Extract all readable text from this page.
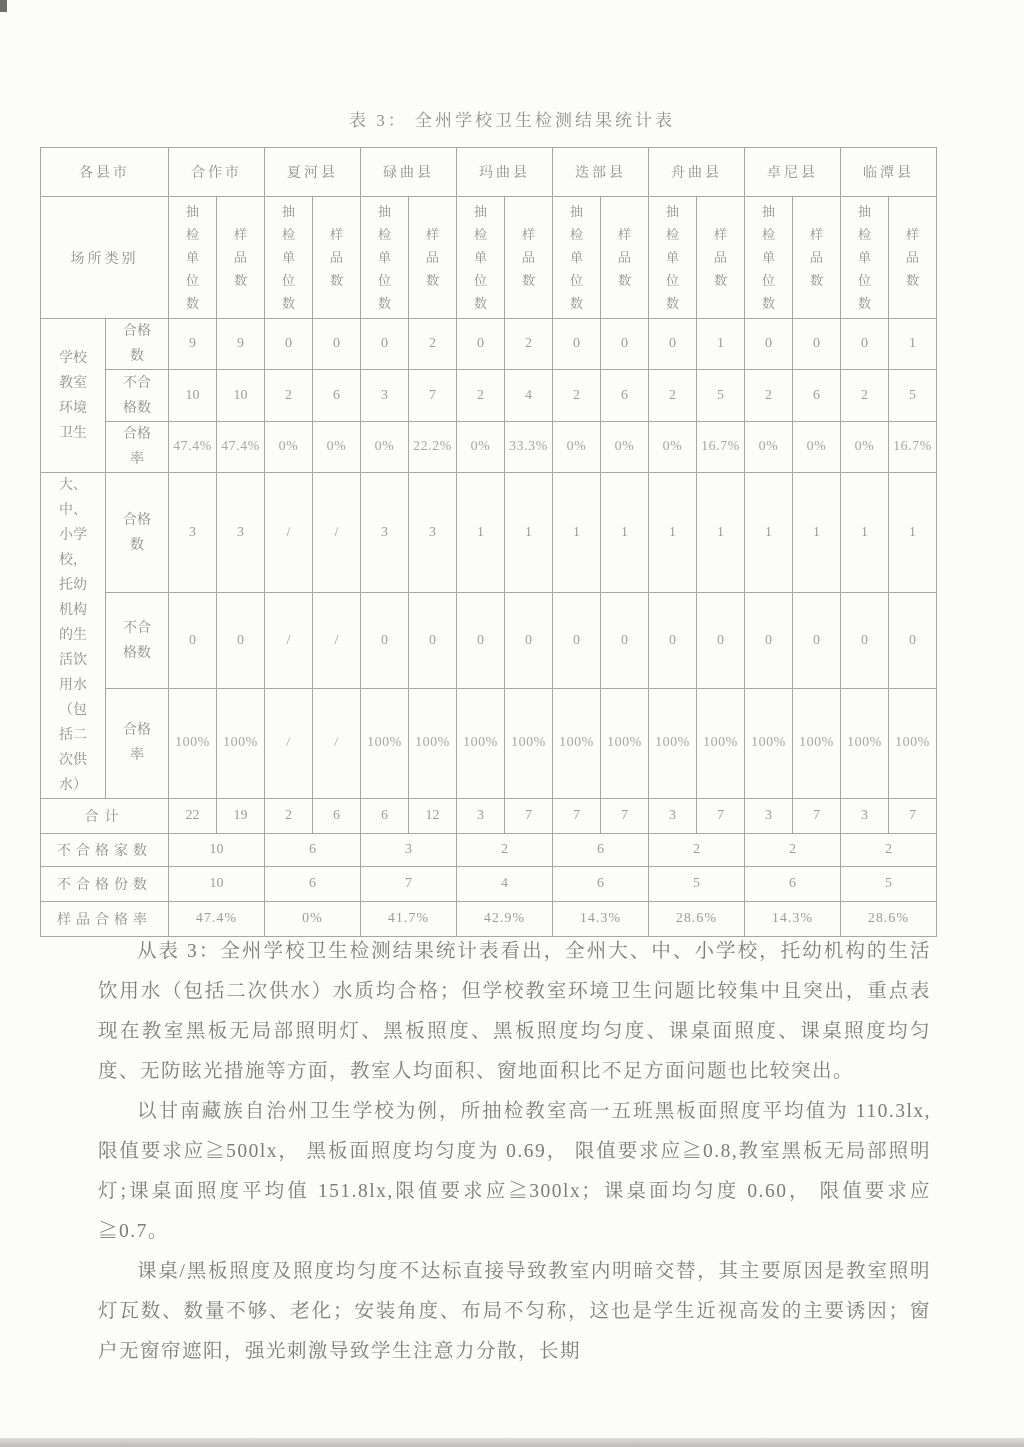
表 3： 全州学校卫生检测结果统计表
各县市		合作市		夏河县		碌曲县		玛曲县		迭部县		舟曲县		卓尼县		临潭县	
场所类别		抽检单位数	样品数	抽检单位数	样品数	抽检单位数	样品数	抽检单位数	样品数	抽检单位数	样品数	抽检单位数	样品数	抽检单位数	样品数	抽检单位数	样品数

学校教室环境卫生	合格数	9	9	0	0	0	2	0	2	0	0	0	1	0	0	0	1

	不合格数	10	10	2	6	3	7	2	4	2	6	2	5	2	6	2	5

	合格率	47.4%	47.4%	0%	0%	0%	22.2%	0%	33.3%	0%	0%	0%	16.7%	0%	0%	0%	16.7%

大、中、小学校，托幼机构的生活饮用水（包括二次供水）	合格数	3	3	/	/	3	3	1	1	1	1	1	1	1	1	1	1

	不合格数	0	0	/	/	0	0	0	0	0	0	0	0	0	0	0	0

	合格率	100%	100%	/	/	100%	100%	100%	100%	100%	100%	100%	100%	100%	100%	100%	100%
合计		22	19	2	6	6	12	3	7	7	7	3	7	3	7	3	7
不合格家数		10		6		3		2		6		2		2		2	
不合格份数		10		6		7		4		6		5		6		5	
样品合格率		47.4%		0%		41.7%		42.9%		14.3%		28.6%		14.3%		28.6%	

从表 3：全州学校卫生检测结果统计表看出，全州大、中、小学校，托幼机构的生活饮用水（包括二次供水）水质均合格；但学校教室环境卫生问题比较集中且突出，重点表现在教室黑板无局部照明灯、黑板照度、黑板照度均匀度、课桌面照度、课桌照度均匀度、无防眩光措施等方面，教室人均面积、窗地面积比不足方面问题也比较突出。

以甘南藏族自治州卫生学校为例，所抽检教室高一五班黑板面照度平均值为 110.3lx,限值要求应≧500lx， 黑板面照度均匀度为 0.69， 限值要求应≧0.8,教室黑板无局部照明灯;课桌面照度平均值 151.8lx,限值要求应≧300lx；课桌面均匀度 0.60， 限值要求应≧0.7。

课桌/黑板照度及照度均匀度不达标直接导致教室内明暗交替，其主要原因是教室照明灯瓦数、数量不够、老化；安装角度、布局不匀称，这也是学生近视高发的主要诱因；窗户无窗帘遮阳，强光刺激导致学生注意力分散，长期
